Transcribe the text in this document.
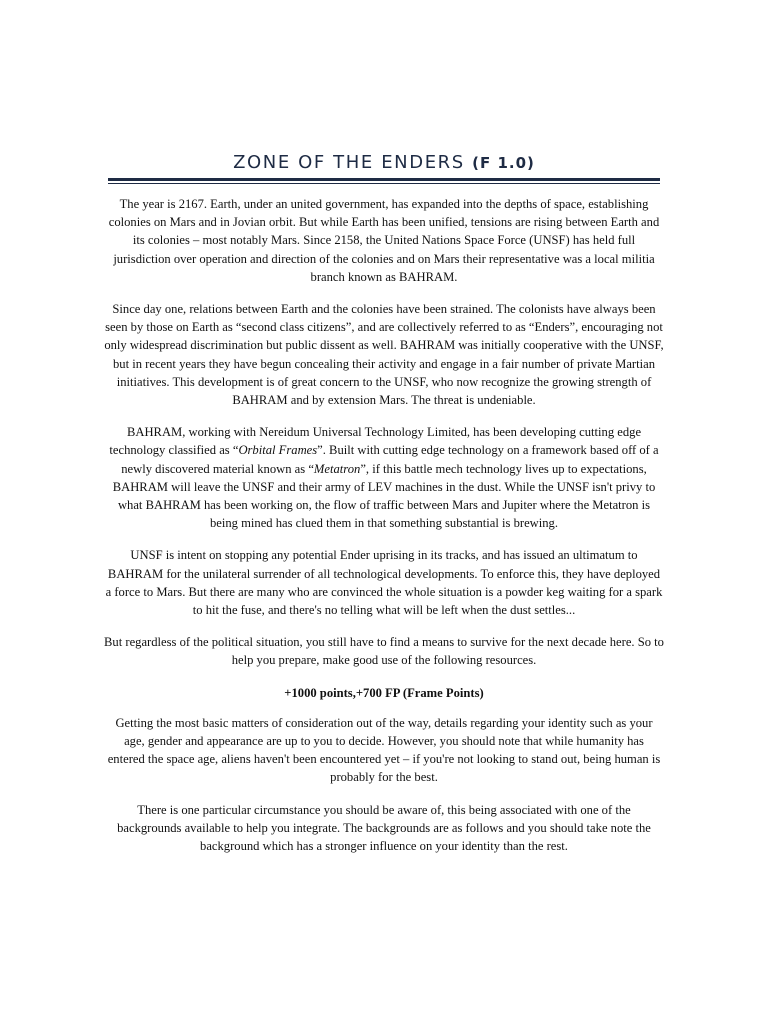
ZONE OF THE ENDERS (F 1.0)

The year is 2167. Earth, under an united government, has expanded into the depths of space, establishing colonies on Mars and in Jovian orbit. But while Earth has been unified, tensions are rising between Earth and its colonies – most notably Mars. Since 2158, the United Nations Space Force (UNSF) has held full jurisdiction over operation and direction of the colonies and on Mars their representative was a local militia branch known as BAHRAM.

Since day one, relations between Earth and the colonies have been strained. The colonists have always been seen by those on Earth as “second class citizens”, and are collectively referred to as “Enders”, encouraging not only widespread discrimination but public dissent as well. BAHRAM was initially cooperative with the UNSF, but in recent years they have begun concealing their activity and engage in a fair number of private Martian initiatives. This development is of great concern to the UNSF, who now recognize the growing strength of BAHRAM and by extension Mars. The threat is undeniable.

BAHRAM, working with Nereidum Universal Technology Limited, has been developing cutting edge technology classified as “Orbital Frames”. Built with cutting edge technology on a framework based off of a newly discovered material known as “Metatron”, if this battle mech technology lives up to expectations, BAHRAM will leave the UNSF and their army of LEV machines in the dust. While the UNSF isn't privy to what BAHRAM has been working on, the flow of traffic between Mars and Jupiter where the Metatron is being mined has clued them in that something substantial is brewing.

UNSF is intent on stopping any potential Ender uprising in its tracks, and has issued an ultimatum to BAHRAM for the unilateral surrender of all technological developments. To enforce this, they have deployed a force to Mars. But there are many who are convinced the whole situation is a powder keg waiting for a spark to hit the fuse, and there's no telling what will be left when the dust settles...

But regardless of the political situation, you still have to find a means to survive for the next decade here. So to help you prepare, make good use of the following resources.

+1000 points,+700 FP (Frame Points)

Getting the most basic matters of consideration out of the way, details regarding your identity such as your age, gender and appearance are up to you to decide. However, you should note that while humanity has entered the space age, aliens haven't been encountered yet – if you're not looking to stand out, being human is probably for the best.

There is one particular circumstance you should be aware of, this being associated with one of the backgrounds available to help you integrate. The backgrounds are as follows and you should take note the background which has a stronger influence on your identity than the rest.
